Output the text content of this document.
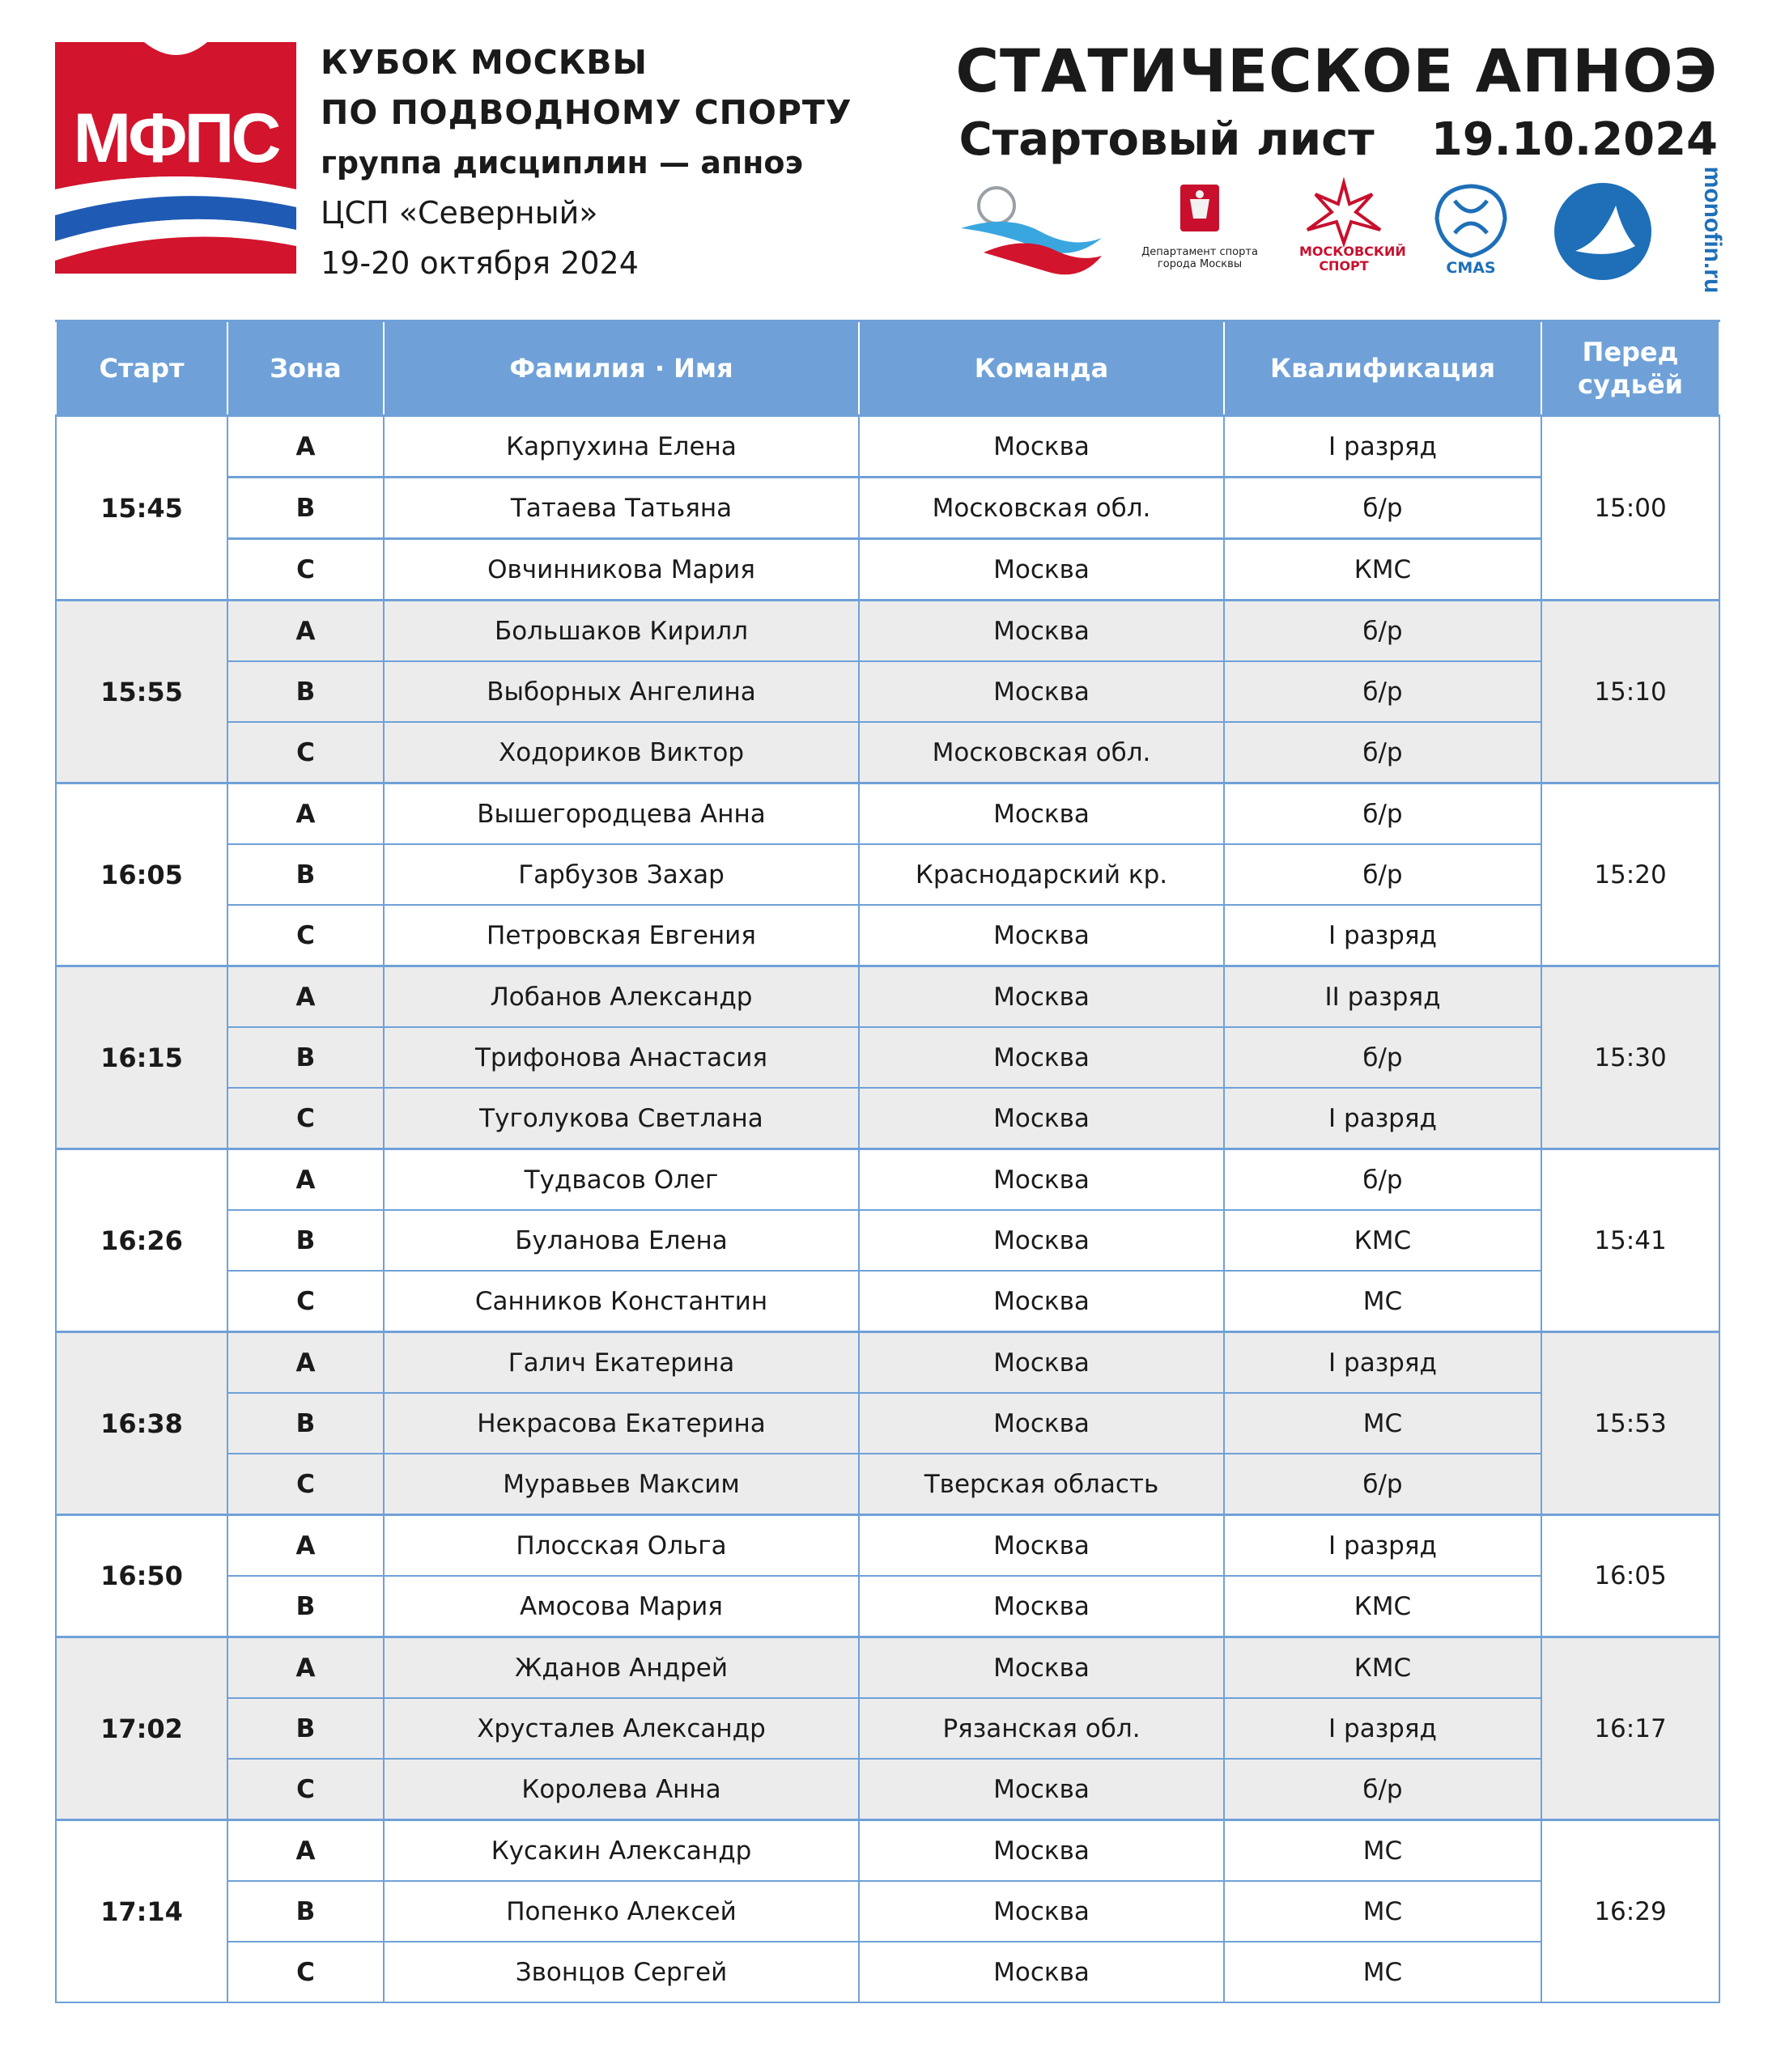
МФПС
КУБОК МОСКВЫ
ПО ПОДВОДНОМУ СПОРТУ
группа дисциплин — апноэ
ЦСП «Северный»
19-20 октября 2024
СТАТИЧЕСКОЕ АПНОЭ
Стартовый лист 19.10.2024
Департамент спорта
города Москвы
МОСКОВСКИЙ
СПОРТ	CMAS	monofin.ru
Старт	Зона	Фамилия · Имя	Команда	Квалификация	Перед судьёй
15:45	A	Карпухина Елена	Москва	I разряд	15:00
	B	Татаева Татьяна	Московская обл.	б/р	
	C	Овчинникова Мария	Москва	КМС	
15:55	A	Большаков Кирилл	Москва	б/р	15:10
	B	Выборных Ангелина	Москва	б/р	
	C	Ходориков Виктор	Московская обл.	б/р	
16:05	A	Вышегородцева Анна	Москва	б/р	15:20
	B	Гарбузов Захар	Краснодарский кр.	б/р	
	C	Петровская Евгения	Москва	I разряд	
16:15	A	Лобанов Александр	Москва	II разряд	15:30
	B	Трифонова Анастасия	Москва	б/р	
	C	Туголукова Светлана	Москва	I разряд	
16:26	A	Тудвасов Олег	Москва	б/р	15:41
	B	Буланова Елена	Москва	КМС	
	C	Санников Константин	Москва	МС	
16:38	A	Галич Екатерина	Москва	I разряд	15:53
	B	Некрасова Екатерина	Москва	МС	
	C	Муравьев Максим	Тверская область	б/р	
16:50	A	Плосская Ольга	Москва	I разряд	16:05
	B	Амосова Мария	Москва	КМС	
17:02	A	Жданов Андрей	Москва	КМС	16:17
	B	Хрусталев Александр	Рязанская обл.	I разряд	
	C	Королева Анна	Москва	б/р	
17:14	A	Кусакин Александр	Москва	МС	16:29
	B	Попенко Алексей	Москва	МС	
	C	Звонцов Сергей	Москва	МС	
